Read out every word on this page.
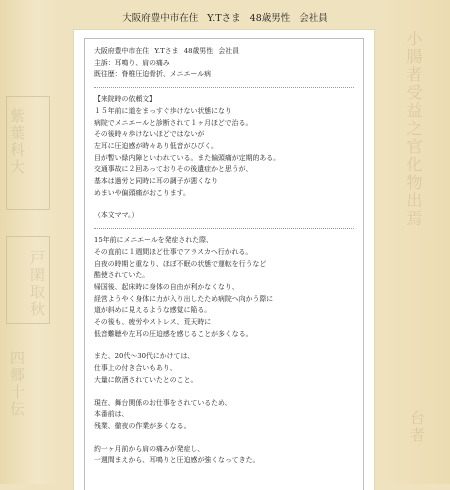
紫葉科大
戸閑取秋
四郷十伝
小腸者受益之官化物出焉
台者
大阪府豊中市在住 Y.Tさま 48歳男性 会社員
大阪府豊中市在住 Y.Tさま 48歳男性 会社員
主訴：耳鳴り、肩の痛み
既往歴：脊椎圧迫骨折、メニエール病
【来院時の依頼文】
１５年前に道をまっすぐ歩けない状態になり
病院でメニエールと診断されて１ヶ月ほどで治る。
その後時々歩けないほどではないが
左耳に圧迫感が時々あり低音がひびく。
目が暫い緑内障といわれている。また偏頭痛が定期的ある。
交通事故に２回あっておりその後遺症かと思うが、
基本は過労と同時に耳の調子が悪くなり
めまいや偏頭痛がおこります。
（本文ママ。）
15年前にメニエールを発症された際、
その直前に１週間ほど仕事でアラスカへ行かれる。
自夜の時期と重なり、ほぼ不眠の状態で運転を行うなど
酷使されていた。
帰国後、起床時に身体の自由が利かなくなり、
経営ようやく身体に力が入り出したため病院へ向かう際に
道が斜めに見えるような感覚に陥る。
その後も、疲労やストレス、荒天時に
低音難聴や左耳の圧迫感を感じることが多くなる。
また、20代〜30代にかけては、
仕事上の付き合いもあり、
大量に飲酒されていたとのこと。
現在、舞台関係のお仕事をされているため、
本番前は、
残業、徹夜の作業が多くなる。
約一ヶ月前から肩の痛みが発症し、
一週間まえから、耳鳴りと圧迫感が強くなってきた。
